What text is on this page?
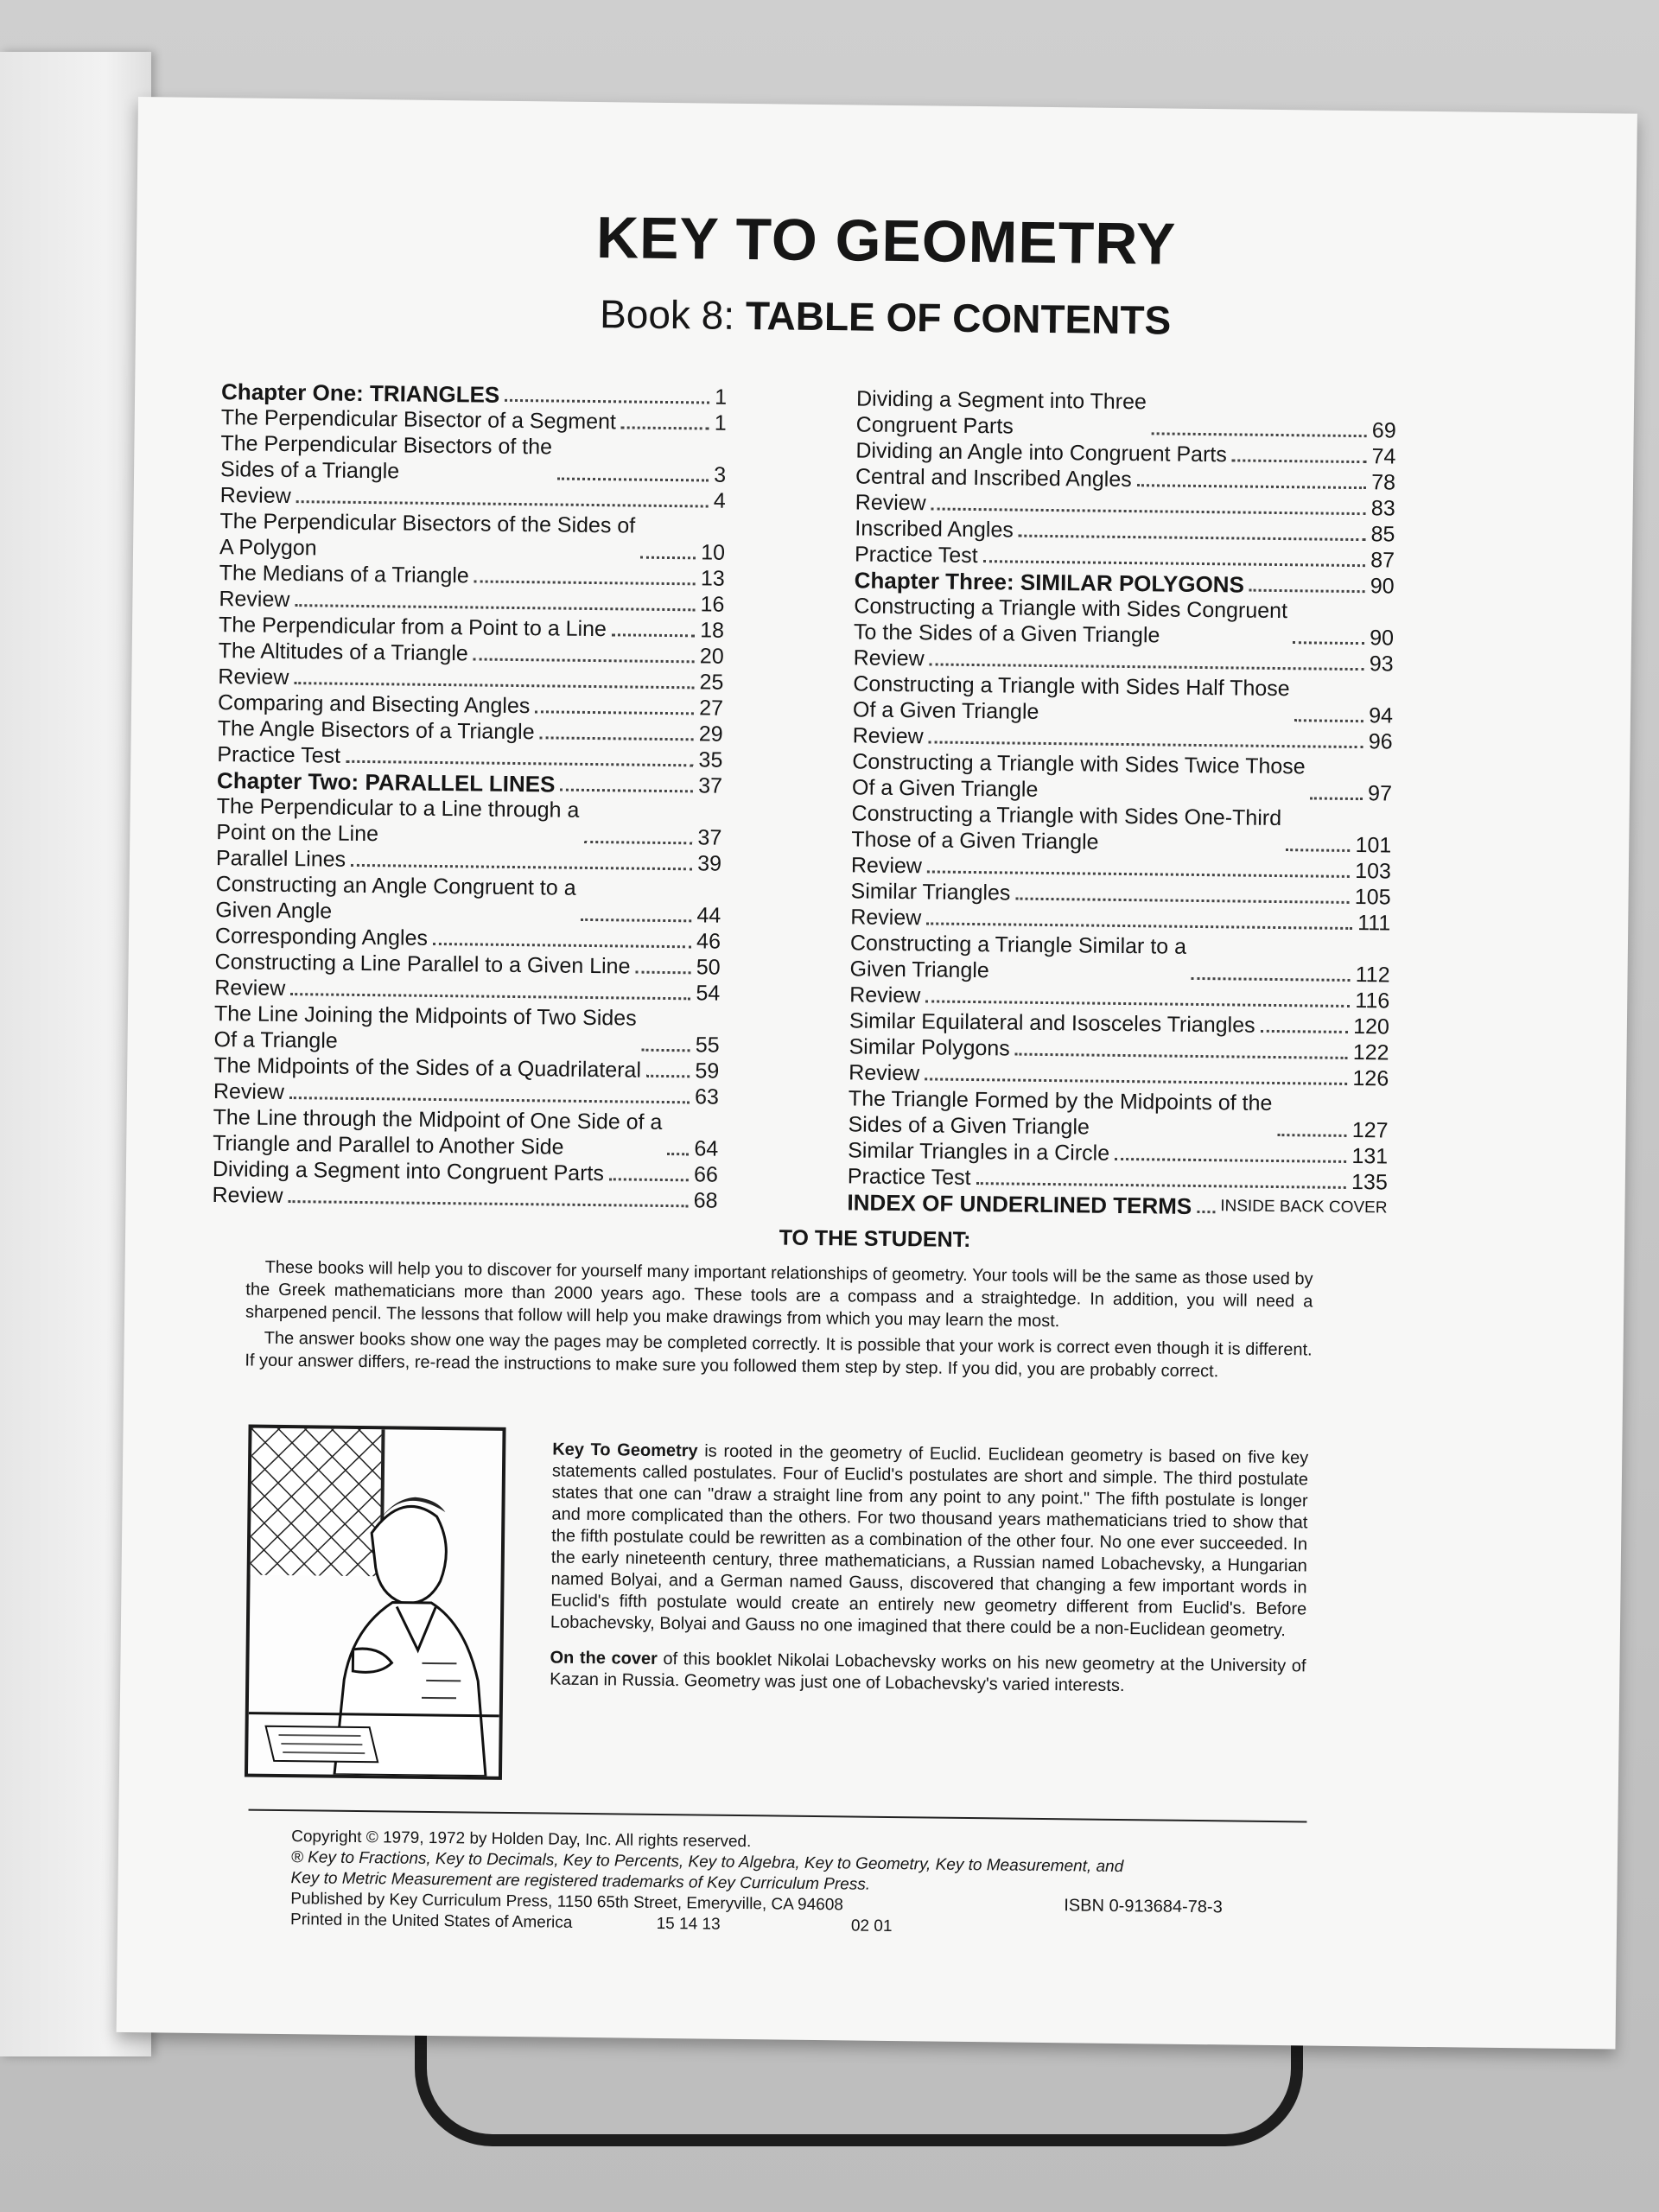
KEY TO GEOMETRY
Book 8: TABLE OF CONTENTS
Chapter One: TRIANGLES	1
The Perpendicular Bisector of a Segment	1
The Perpendicular Bisectors of the
Sides of a Triangle	3
Review	4
The Perpendicular Bisectors of the Sides of
A Polygon	10
The Medians of a Triangle	13
Review	16
The Perpendicular from a Point to a Line	18
The Altitudes of a Triangle	20
Review	25
Comparing and Bisecting Angles	27
The Angle Bisectors of a Triangle	29
Practice Test	35
Chapter Two: PARALLEL LINES	37
The Perpendicular to a Line through a
Point on the Line	37
Parallel Lines	39
Constructing an Angle Congruent to a
Given Angle	44
Corresponding Angles	46
Constructing a Line Parallel to a Given Line	50
Review	54
The Line Joining the Midpoints of Two Sides
Of a Triangle	55
The Midpoints of the Sides of a Quadrilateral 59
Review	63
The Line through the Midpoint of One Side of a
Triangle and Parallel to Another Side	64
Dividing a Segment into Congruent Parts	66
Review	68
Dividing a Segment into Three
Congruent Parts	69
Dividing an Angle into Congruent Parts	74
Central and Inscribed Angles	78
Review	83
Inscribed Angles	85
Practice Test	87
Chapter Three: SIMILAR POLYGONS	90
Constructing a Triangle with Sides Congruent
To the Sides of a Given Triangle	90
Review	93
Constructing a Triangle with Sides Half Those
Of a Given Triangle	94
Review	96
Constructing a Triangle with Sides Twice Those
Of a Given Triangle	97
Constructing a Triangle with Sides One-Third
Those of a Given Triangle	101
Review	103
Similar Triangles	105
Review	111
Constructing a Triangle Similar to a
Given Triangle	112
Review	116
Similar Equilateral and Isosceles Triangles	120
Similar Polygons	122
Review	126
The Triangle Formed by the Midpoints of the
Sides of a Given Triangle	127
Similar Triangles in a Circle	131
Practice Test	135
INDEX OF UNDERLINED TERMS INSIDE BACK COVER
TO THE STUDENT:

These books will help you to discover for yourself many important relationships of geometry. Your tools will be the same as those used by the Greek mathematicians more than 2000 years ago. These tools are a compass and a straightedge. In addition, you will need a sharpened pencil. The lessons that follow will help you make drawings from which you may learn the most.

The answer books show one way the pages may be completed correctly. It is possible that your work is correct even though it is different. If your answer differs, re-read the instructions to make sure you followed them step by step. If you did, you are probably correct.

Key To Geometry is rooted in the geometry of Euclid. Euclidean geometry is based on five key statements called postulates. Four of Euclid's postulates are short and simple. The third postulate states that one can "draw a straight line from any point to any point." The fifth postulate is longer and more complicated than the others. For two thousand years mathematicians tried to show that the fifth postulate could be rewritten as a combination of the other four. No one ever succeeded. In the early nineteenth century, three mathematicians, a Russian named Lobachevsky, a Hungarian named Bolyai, and a German named Gauss, discovered that changing a few important words in Euclid's fifth postulate would create an entirely new geometry different from Euclid's. Before Lobachevsky, Bolyai and Gauss no one imagined that there could be a non-Euclidean geometry.

On the cover of this booklet Nikolai Lobachevsky works on his new geometry at the University of Kazan in Russia. Geometry was just one of Lobachevsky's varied interests.

Copyright © 1979, 1972 by Holden Day, Inc. All rights reserved.
® Key to Fractions, Key to Decimals, Key to Percents, Key to Algebra, Key to Geometry, Key to Measurement, and
Key to Metric Measurement are registered trademarks of Key Curriculum Press.
Published by Key Curriculum Press, 1150 65th Street, Emeryville, CA 94608
Printed in the United States of America	15 14 13	02 01
ISBN 0-913684-78-3
